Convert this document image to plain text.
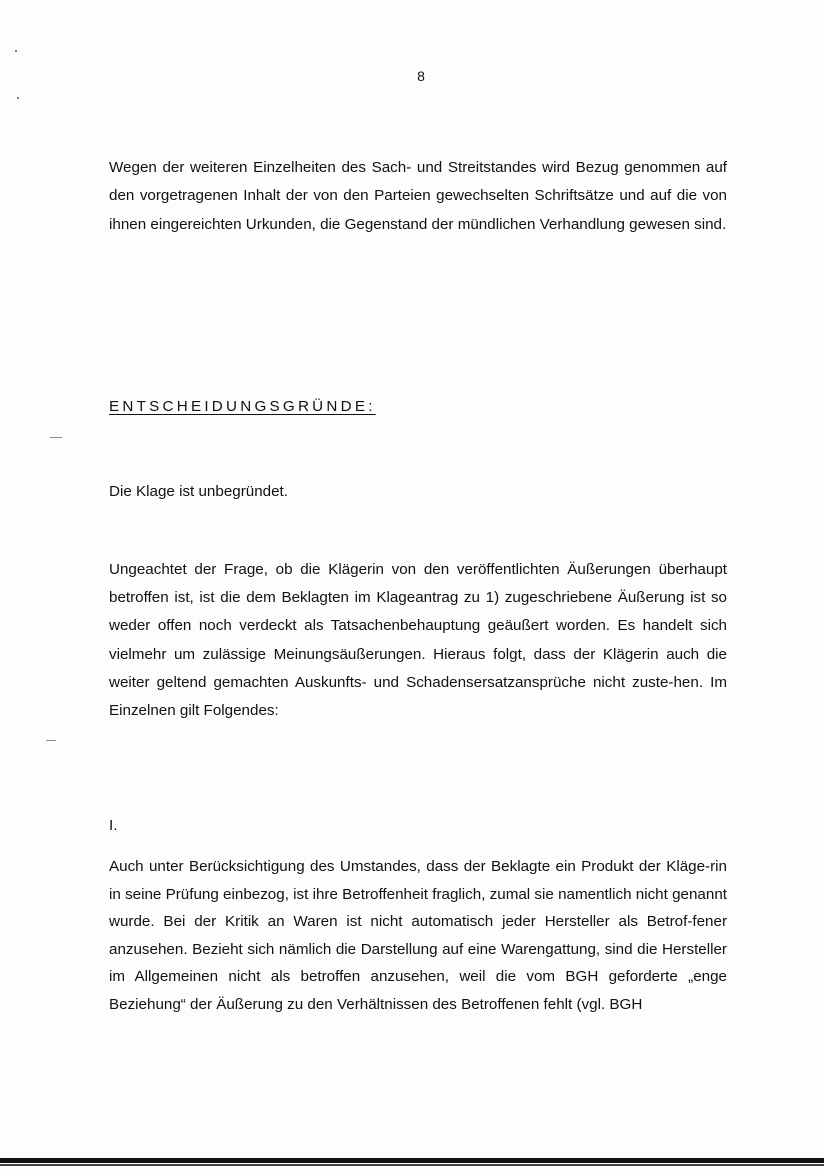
8

Wegen der weiteren Einzelheiten des Sach- und Streitstandes wird Bezug genommen auf den vorgetragenen Inhalt der von den Parteien gewechselten Schriftsätze und auf die von ihnen eingereichten Urkunden, die Gegenstand der mündlichen Verhandlung gewesen sind.

ENTSCHEIDUNGSGRÜNDE:

Die Klage ist unbegründet.

Ungeachtet der Frage, ob die Klägerin von den veröffentlichten Äußerungen überhaupt betroffen ist, ist die dem Beklagten im Klageantrag zu 1) zugeschriebene Äußerung ist so weder offen noch verdeckt als Tatsachenbehauptung geäußert worden. Es handelt sich vielmehr um zulässige Meinungsäußerungen. Hieraus folgt, dass der Klägerin auch die weiter geltend gemachten Auskunfts- und Schadensersatzansprüche nicht zuste-hen. Im Einzelnen gilt Folgendes:

I.

Auch unter Berücksichtigung des Umstandes, dass der Beklagte ein Produkt der Kläge-rin in seine Prüfung einbezog, ist ihre Betroffenheit fraglich, zumal sie namentlich nicht genannt wurde. Bei der Kritik an Waren ist nicht automatisch jeder Hersteller als Betrof-fener anzusehen. Bezieht sich nämlich die Darstellung auf eine Warengattung, sind die Hersteller im Allgemeinen nicht als betroffen anzusehen, weil die vom BGH geforderte „enge Beziehung“ der Äußerung zu den Verhältnissen des Betroffenen fehlt (vgl. BGH
